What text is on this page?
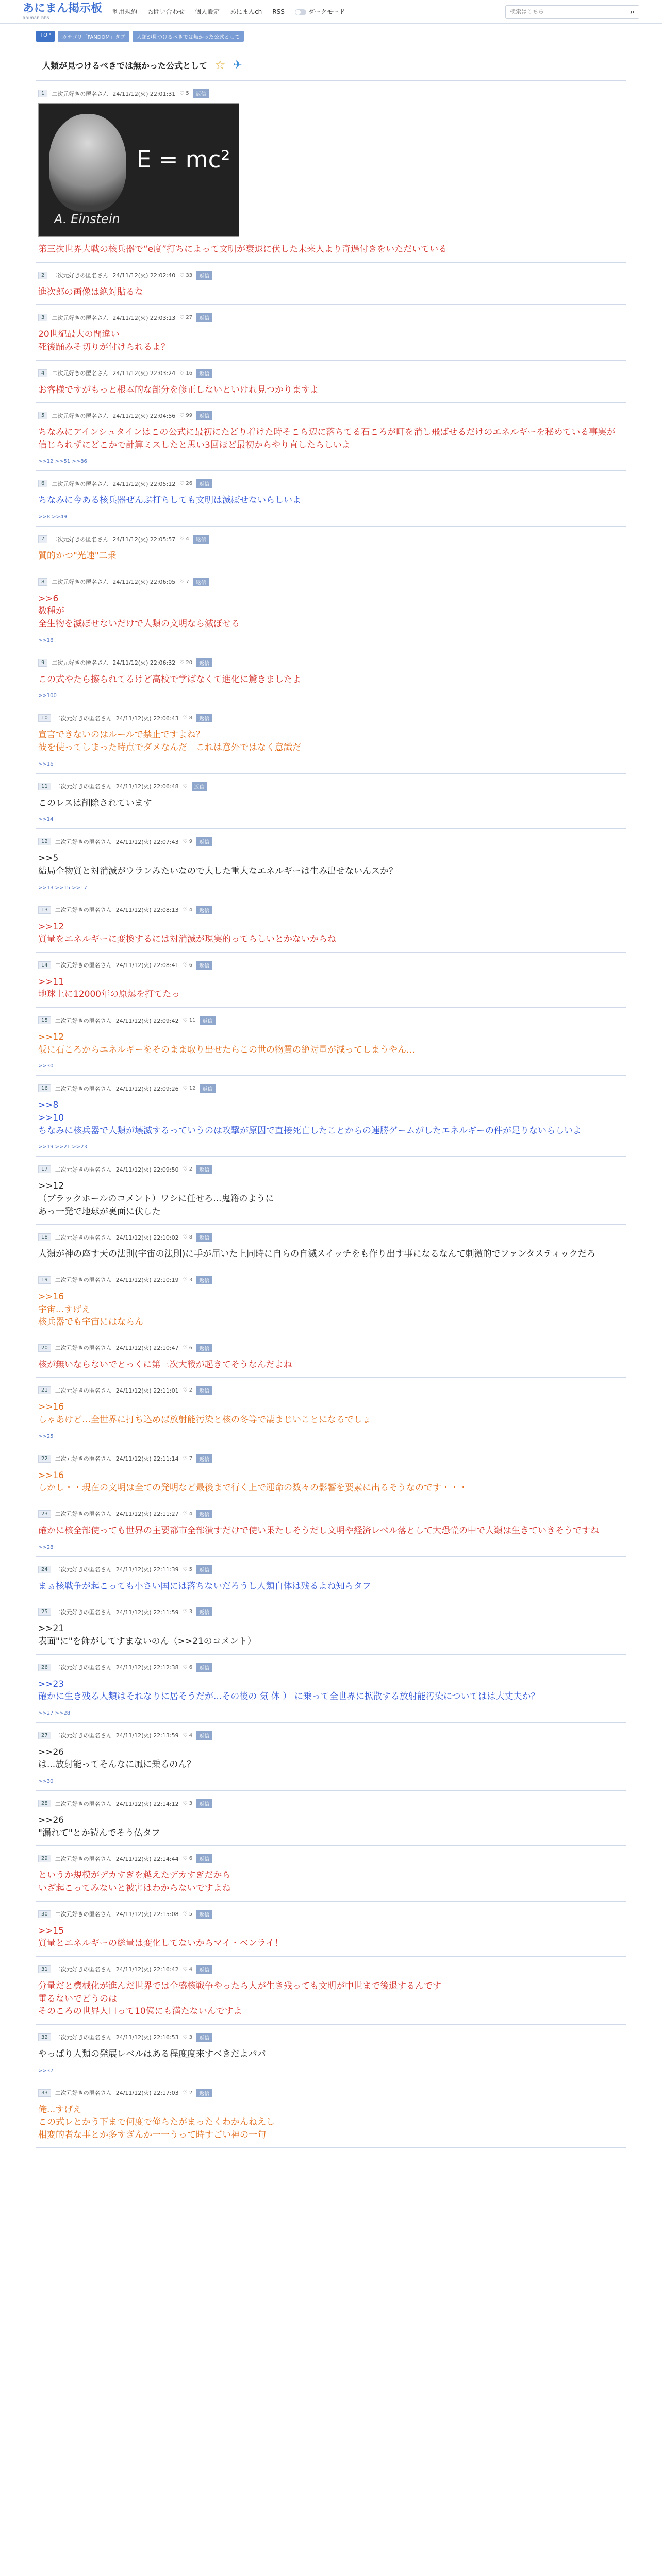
あにまん掲示板
animan bbs
利用規約 お問い合わせ 個人設定 あにまんch RSS	ダークモード
検索はこちら	⌕
TOP	カテゴリ「FANDOM」タブ	人類が見つけるべきでは無かった公式として
人類が見つけるべきでは無かった公式として ☆ ✈
1	二次元好きの匿名さん 24/11/12(火) 22:01:31 ♡ 5	返信
E = mc²
A. Einstein
第三次世界大戦の核兵器で“e度”打ちによって文明が衰退に伏した未来人より奇遇付きをいただいている
2	二次元好きの匿名さん 24/11/12(火) 22:02:40 ♡ 33	返信
進次郎の画像は絶対貼るな
3	二次元好きの匿名さん 24/11/12(火) 22:03:13 ♡ 27	返信
20世紀最大の間違い
死後踊みそ切りが付けられるよ？
4	二次元好きの匿名さん 24/11/12(火) 22:03:24 ♡ 16	返信
お客様ですがもっと根本的な部分を修正しないといけれ見つかりますよ
5	二次元好きの匿名さん 24/11/12(火) 22:04:56 ♡ 99	返信
ちなみにアインシュタインはこの公式に最初にたどり着けた時そこら辺に落ちてる石ころが町を消し飛ばせるだけのエネルギーを秘めている事実が信じられずにどこかで計算ミスしたと思い3回ほど最初からやり直したらしいよ
>>12 >>51 >>86
6	二次元好きの匿名さん 24/11/12(火) 22:05:12 ♡ 26	返信
ちなみに今ある核兵器ぜんぶ打ちしても文明は滅ぼせないらしいよ
>>8 >>49
7	二次元好きの匿名さん 24/11/12(火) 22:05:57 ♡ 4	返信
質的かつ"光速"二乗
8	二次元好きの匿名さん 24/11/12(火) 22:06:05 ♡ 7	返信
>>6
数種が
全生物を滅ぼせないだけで人類の文明なら滅ぼせる
>>16
9	二次元好きの匿名さん 24/11/12(火) 22:06:32 ♡ 20	返信
この式やたら擦られてるけど高校で学ばなくて進化に驚きましたよ
>>100
10	二次元好きの匿名さん 24/11/12(火) 22:06:43 ♡ 8	返信
宣言できないのはルールで禁止ですよね？
彼を使ってしまった時点でダメなんだ　これは意外ではなく意識だ
>>16
11	二次元好きの匿名さん 24/11/12(火) 22:06:48 ♡	返信
このレスは削除されています
>>14
12	二次元好きの匿名さん 24/11/12(火) 22:07:43 ♡ 9	返信
>>5
結局全物質と対消滅がウランみたいなので大した重大なエネルギーは生み出せないんスか？
>>13 >>15 >>17
13	二次元好きの匿名さん 24/11/12(火) 22:08:13 ♡ 4	返信
>>12
質量をエネルギーに変換するには対消滅が現実的ってらしいとかないからね
14	二次元好きの匿名さん 24/11/12(火) 22:08:41 ♡ 6	返信
>>11
地球上に12000年の原爆を打てたっ
15	二次元好きの匿名さん 24/11/12(火) 22:09:42 ♡ 11	返信
>>12
仮に石ころからエネルギーをそのまま取り出せたらこの世の物質の絶対量が減ってしまうやん…
>>30
16	二次元好きの匿名さん 24/11/12(火) 22:09:26 ♡ 12	返信
>>8
>>10
ちなみに核兵器で人類が壊滅するっていうのは攻撃が原因で直接死亡したことからの連勝ゲームがしたエネルギーの件が足りないらしいよ
>>19 >>21 >>23
17	二次元好きの匿名さん 24/11/12(火) 22:09:50 ♡ 2	返信
>>12
（ブラックホールのコメント）ワシに任せろ...鬼籍のように
あっ一発で地球が裏面に伏した
18	二次元好きの匿名さん 24/11/12(火) 22:10:02 ♡ 8	返信
人類が神の座す天の法則(宇宙の法則)に手が届いた上同時に自らの自滅スイッチをも作り出す事になるなんて刺激的でファンタスティックだろ
19	二次元好きの匿名さん 24/11/12(火) 22:10:19 ♡ 3	返信
>>16
宇宙...すげえ
核兵器でも宇宙にはならん
20	二次元好きの匿名さん 24/11/12(火) 22:10:47 ♡ 6	返信
核が無いならないでとっくに第三次大戦が起きてそうなんだよね
21	二次元好きの匿名さん 24/11/12(火) 22:11:01 ♡ 2	返信
>>16
しゃあけど…全世界に打ち込めば放射能汚染と核の冬等で凄まじいことになるでしょ
>>25
22	二次元好きの匿名さん 24/11/12(火) 22:11:14 ♡ 7	返信
>>16
しかし・・現在の文明は全ての発明など最後まで行く上で運命の数々の影響を要素に出るそうなのです・・・
23	二次元好きの匿名さん 24/11/12(火) 22:11:27 ♡ 4	返信
確かに核全部使っても世界の主要都市全部潰すだけで使い果たしそうだし文明や経済レベル落として大恐慌の中で人類は生きていきそうですね
>>28
24	二次元好きの匿名さん 24/11/12(火) 22:11:39 ♡ 5	返信
まぁ核戦争が起こっても小さい国には落ちないだろうし人類自体は残るよね知らタフ
25	二次元好きの匿名さん 24/11/12(火) 22:11:59 ♡ 3	返信
>>21
表面"に"を飾がしてすまないのん（>>21のコメント）
26	二次元好きの匿名さん 24/11/12(火) 22:12:38 ♡ 6	返信
>>23
確かに生き残る人類はそれなりに居そうだが...その後の 気 体 ） に乗って全世界に拡散する放射能汚染についてはは大丈夫か？
>>27 >>28
27	二次元好きの匿名さん 24/11/12(火) 22:13:59 ♡ 4	返信
>>26
は...放射能ってそんなに風に乗るのん？
>>30
28	二次元好きの匿名さん 24/11/12(火) 22:14:12 ♡ 3	返信
>>26
"漏れて"とか読んでそう仏タフ
29	二次元好きの匿名さん 24/11/12(火) 22:14:44 ♡ 6	返信
というか規模がデカすぎを越えたデカすぎだから
いざ起こってみないと被害はわからないですよね
30	二次元好きの匿名さん 24/11/12(火) 22:15:08 ♡ 5	返信
>>15
質量とエネルギーの総量は変化してないからマイ・ベンライ！
31	二次元好きの匿名さん 24/11/12(火) 22:16:42 ♡ 4	返信
分量だと機械化が進んだ世界では全盛核戦争やったら人が生き残っても文明が中世まで後退するんです
電るないでどうのは
そのころの世界人口って10億にも満たないんですよ
32	二次元好きの匿名さん 24/11/12(火) 22:16:53 ♡ 3	返信
やっぱり人類の発展レベルはある程度度来すべきだよパパ
>>37
33	二次元好きの匿名さん 24/11/12(火) 22:17:03 ♡ 2	返信
俺...すげえ
この式レとかう下まで何度で俺らたがまったくわかんねえし
相変的者な事とか多すぎんか一一うって時すごい神の一句
